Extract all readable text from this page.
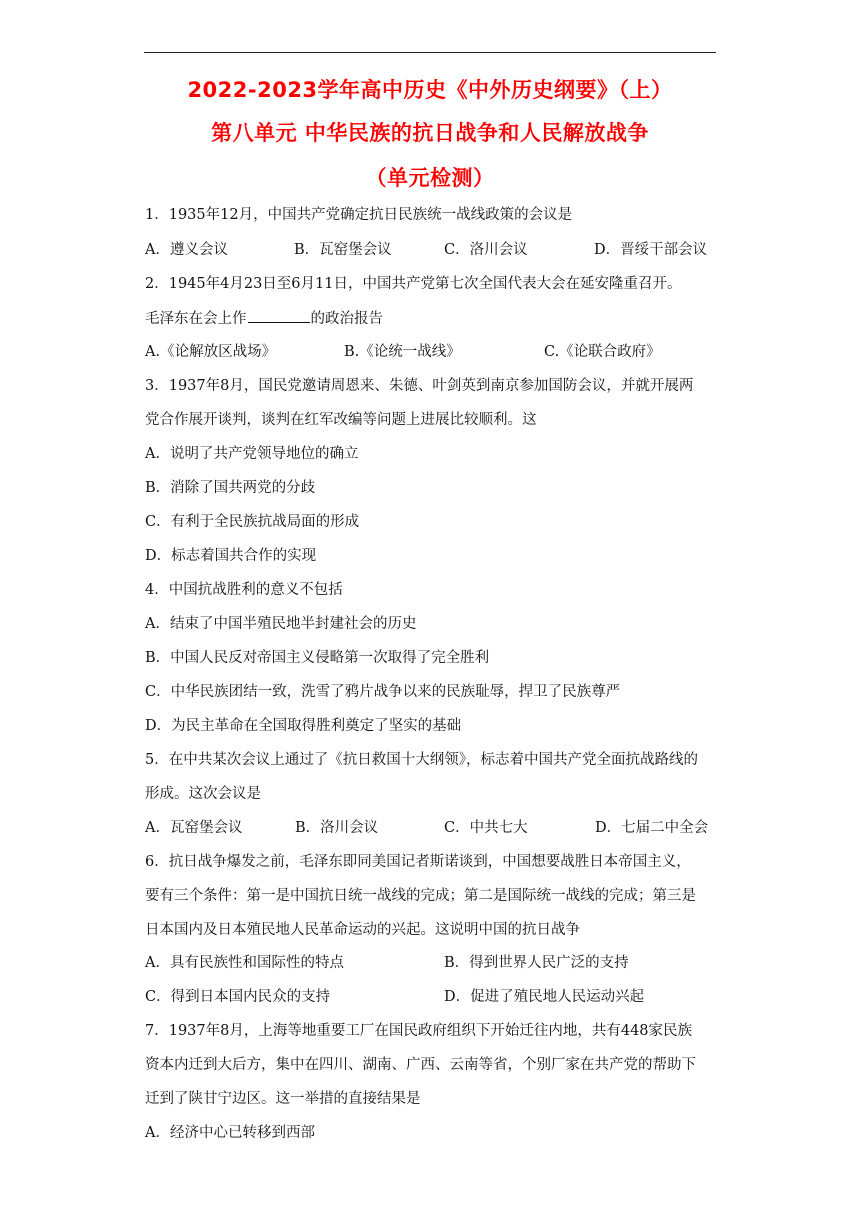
2022-2023学年高中历史《中外历史纲要》（上）
第八单元 中华民族的抗日战争和人民解放战争
（单元检测）
1．1935年12月，中国共产党确定抗日民族统一战线政策的会议是
A．遵义会议	B．瓦窑堡会议	C．洛川会议	D．晋绥干部会议
2．1945年4月23日至6月11日，中国共产党第七次全国代表大会在延安隆重召开。
毛泽东在会上作	的政治报告
A.《论解放区战场》	B.《论统一战线》	C.《论联合政府》
3．1937年8月，国民党邀请周恩来、朱德、叶剑英到南京参加国防会议，并就开展两
党合作展开谈判，谈判在红军改编等问题上进展比较顺利。这
A．说明了共产党领导地位的确立
B．消除了国共两党的分歧
C．有利于全民族抗战局面的形成
D．标志着国共合作的实现
4．中国抗战胜利的意义不包括
A．结束了中国半殖民地半封建社会的历史
B．中国人民反对帝国主义侵略第一次取得了完全胜利
C．中华民族团结一致，洗雪了鸦片战争以来的民族耻辱，捍卫了民族尊严
D．为民主革命在全国取得胜利奠定了坚实的基础
5．在中共某次会议上通过了《抗日救国十大纲领》，标志着中国共产党全面抗战路线的
形成。这次会议是
A．瓦窑堡会议	B．洛川会议	C．中共七大	D．七届二中全会
6．抗日战争爆发之前，毛泽东即同美国记者斯诺谈到，中国想要战胜日本帝国主义，
要有三个条件：第一是中国抗日统一战线的完成；第二是国际统一战线的完成；第三是
日本国内及日本殖民地人民革命运动的兴起。这说明中国的抗日战争
A．具有民族性和国际性的特点	B．得到世界人民广泛的支持
C．得到日本国内民众的支持	D．促进了殖民地人民运动兴起
7．1937年8月，上海等地重要工厂在国民政府组织下开始迁往内地，共有448家民族
资本内迁到大后方，集中在四川、湖南、广西、云南等省，个别厂家在共产党的帮助下
迁到了陕甘宁边区。这一举措的直接结果是
A．经济中心已转移到西部
